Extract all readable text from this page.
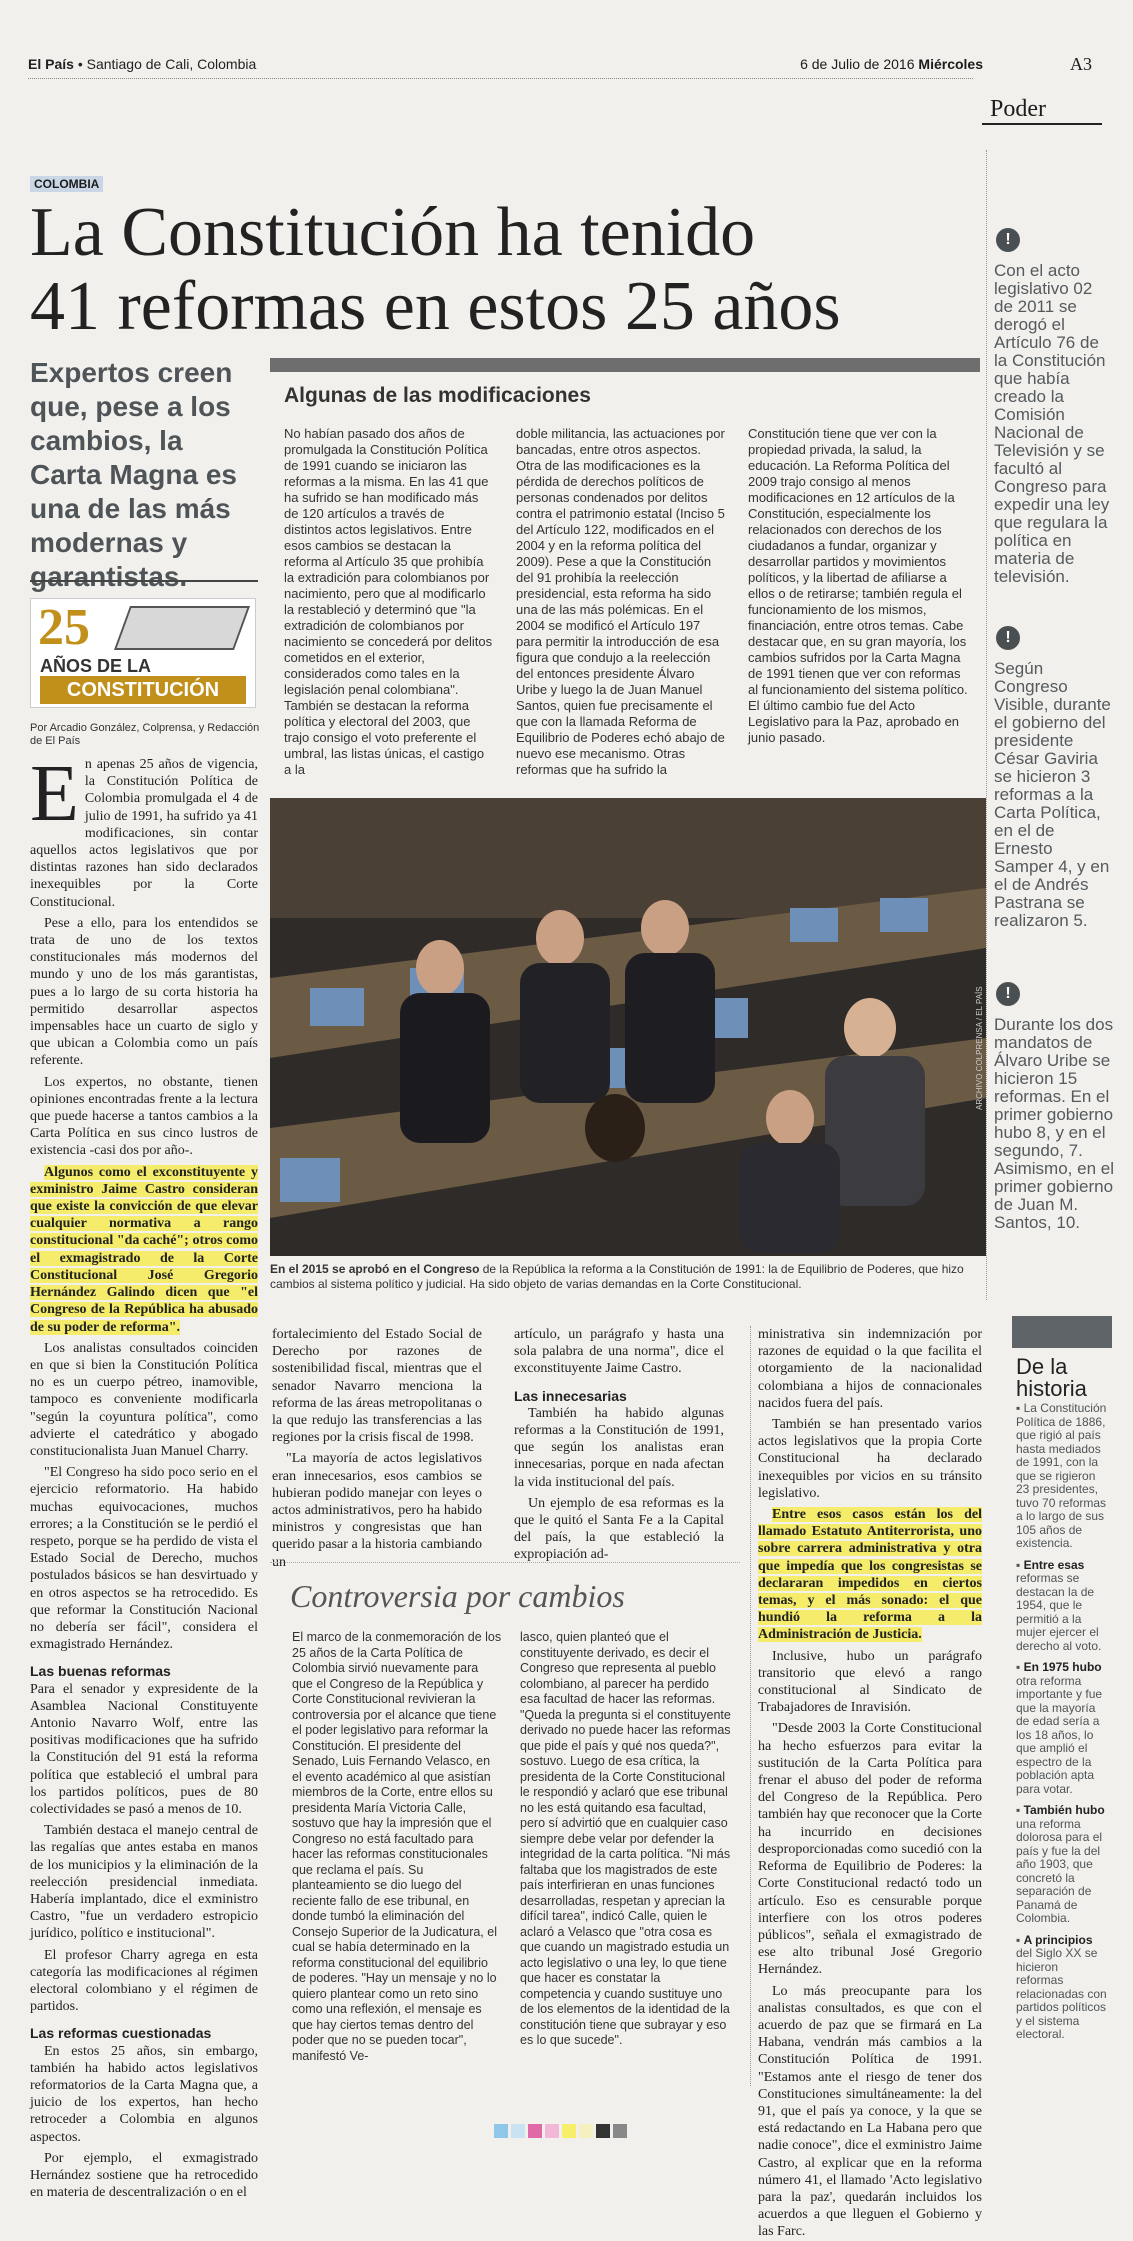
El País • Santiago de Cali, Colombia	6 de Julio de 2016 Miércoles	A3
Poder
COLOMBIA
La Constitución ha tenido
41 reformas en estos 25 años
Expertos creen que, pese a los cambios, la Carta Magna es una de las más modernas y garantistas.
25
AÑOS DE LA
CONSTITUCIÓN
Por Arcadio González, Colprensa, y Redacción de El País

En apenas 25 años de vigencia, la Constitución Política de Colombia promulgada el 4 de julio de 1991, ha sufrido ya 41 modificaciones, sin contar aquellos actos legislativos que por distintas razones han sido declarados inexequibles por la Corte Constitucional.

Pese a ello, para los entendidos se trata de uno de los textos constitucionales más modernos del mundo y uno de los más garantistas, pues a lo largo de su corta historia ha permitido desarrollar aspectos impensables hace un cuarto de siglo y que ubican a Colombia como un país referente.

Los expertos, no obstante, tienen opiniones encontradas frente a la lectura que puede hacerse a tantos cambios a la Carta Política en sus cinco lustros de existencia -casi dos por año-.

Algunos como el exconstituyente y exministro Jaime Castro consideran que existe la convicción de que elevar cualquier normativa a rango constitucional "da caché"; otros como el exmagistrado de la Corte Constitucional José Gregorio Hernández Galindo dicen que "el Congreso de la República ha abusado de su poder de reforma".

Los analistas consultados coinciden en que si bien la Constitución Política no es un cuerpo pétreo, inamovible, tampoco es conveniente modificarla "según la coyuntura política", como advierte el catedrático y abogado constitucionalista Juan Manuel Charry.

"El Congreso ha sido poco serio en el ejercicio reformatorio. Ha habido muchas equivocaciones, muchos errores; a la Constitución se le perdió el respeto, porque se ha perdido de vista el Estado Social de Derecho, muchos postulados básicos se han desvirtuado y en otros aspectos se ha retrocedido. Es que reformar la Constitución Nacional no debería ser fácil", considera el exmagistrado Hernández.

Las buenas reformas

Para el senador y expresidente de la Asamblea Nacional Constituyente Antonio Navarro Wolf, entre las positivas modificaciones que ha sufrido la Constitución del 91 está la reforma política que estableció el umbral para los partidos políticos, pues de 80 colectividades se pasó a menos de 10.

También destaca el manejo central de las regalías que antes estaba en manos de los municipios y la eliminación de la reelección presidencial inmediata. Habería implantado, dice el exministro Castro, "fue un verdadero estropicio jurídico, político e institucional".

El profesor Charry agrega en esta categoría las modificaciones al régimen electoral colombiano y el régimen de partidos.

Las reformas cuestionadas

En estos 25 años, sin embargo, también ha habido actos legislativos reformatorios de la Carta Magna que, a juicio de los expertos, han hecho retroceder a Colombia en algunos aspectos.

Por ejemplo, el exmagistrado Hernández sostiene que ha retrocedido en materia de descentralización o en el

Algunas de las modificaciones
No habían pasado dos años de promulgada la Constitución Política de 1991 cuando se iniciaron las reformas a la misma. En las 41 que ha sufrido se han modificado más de 120 artículos a través de distintos actos legislativos. Entre esos cambios se destacan la reforma al Artículo 35 que prohibía la extradición para colombianos por nacimiento, pero que al modificarlo la restableció y determinó que "la extradición de colombianos por nacimiento se concederá por delitos cometidos en el exterior, considerados como tales en la legislación penal colombiana". También se destacan la reforma política y electoral del 2003, que trajo consigo el voto preferente el umbral, las listas únicas, el castigo a la
doble militancia, las actuaciones por bancadas, entre otros aspectos. Otra de las modificaciones es la pérdida de derechos políticos de personas condenados por delitos contra el patrimonio estatal (Inciso 5 del Artículo 122, modificados en el 2004 y en la reforma política del 2009). Pese a que la Constitución del 91 prohibía la reelección presidencial, esta reforma ha sido una de las más polémicas. En el 2004 se modificó el Artículo 197 para permitir la introducción de esa figura que condujo a la reelección del entonces presidente Álvaro Uribe y luego la de Juan Manuel Santos, quien fue precisamente el que con la llamada Reforma de Equilibrio de Poderes echó abajo de nuevo ese mecanismo. Otras reformas que ha sufrido la
Constitución tiene que ver con la propiedad privada, la salud, la educación. La Reforma Política del 2009 trajo consigo al menos modificaciones en 12 artículos de la Constitución, especialmente los relacionados con derechos de los ciudadanos a fundar, organizar y desarrollar partidos y movimientos políticos, y la libertad de afiliarse a ellos o de retirarse; también regula el funcionamiento de los mismos, financiación, entre otros temas. Cabe destacar que, en su gran mayoría, los cambios sufridos por la Carta Magna de 1991 tienen que ver con reformas al funcionamiento del sistema político. El último cambio fue del Acto Legislativo para la Paz, aprobado en junio pasado.
En el 2015 se aprobó en el Congreso de la República la reforma a la Constitución de 1991: la de Equilibrio de Poderes, que hizo cambios al sistema político y judicial. Ha sido objeto de varias demandas en la Corte Constitucional.
ARCHIVO COLPRENSA / EL PAÍS

fortalecimiento del Estado Social de Derecho por razones de sostenibilidad fiscal, mientras que el senador Navarro menciona la reforma de las áreas metropolitanas o la que redujo las transferencias a las regiones por la crisis fiscal de 1998.

"La mayoría de actos legislativos eran innecesarios, esos cambios se hubieran podido manejar con leyes o actos administrativos, pero ha habido ministros y congresistas que han querido pasar a la historia cambiando un

artículo, un parágrafo y hasta una sola palabra de una norma", dice el exconstituyente Jaime Castro.

Las innecesarias

También ha habido algunas reformas a la Constitución de 1991, que según los analistas eran innecesarias, porque en nada afectan la vida institucional del país.

Un ejemplo de esa reformas es la que le quitó el Santa Fe a la Capital del país, la que estableció la expropiación ad-

ministrativa sin indemnización por razones de equidad o la que facilita el otorgamiento de la nacionalidad colombiana a hijos de connacionales nacidos fuera del país.

También se han presentado varios actos legislativos que la propia Corte Constitucional ha declarado inexequibles por vicios en su tránsito legislativo.

Entre esos casos están los del llamado Estatuto Antiterrorista, uno sobre carrera administrativa y otra que impedía que los congresistas se declararan impedidos en ciertos temas, y el más sonado: el que hundió la reforma a la Administración de Justicia.

Inclusive, hubo un parágrafo transitorio que elevó a rango constitucional al Sindicato de Trabajadores de Inravisión.

"Desde 2003 la Corte Constitucional ha hecho esfuerzos para evitar la sustitución de la Carta Política para frenar el abuso del poder de reforma del Congreso de la República. Pero también hay que reconocer que la Corte ha incurrido en decisiones desproporcionadas como sucedió con la Reforma de Equilibrio de Poderes: la Corte Constitucional redactó todo un artículo. Eso es censurable porque interfiere con los otros poderes públicos", señala el exmagistrado de ese alto tribunal José Gregorio Hernández.

Lo más preocupante para los analistas consultados, es que con el acuerdo de paz que se firmará en La Habana, vendrán más cambios a la Constitución Política de 1991. "Estamos ante el riesgo de tener dos Constituciones simultáneamente: la del 91, que el país ya conoce, y la que se está redactando en La Habana pero que nadie conoce", dice el exministro Jaime Castro, al explicar que en la reforma número 41, el llamado 'Acto legislativo para la paz', quedarán incluidos los acuerdos a que lleguen el Gobierno y las Farc.

Controversia por cambios
El marco de la conmemoración de los 25 años de la Carta Política de Colombia sirvió nuevamente para que el Congreso de la República y Corte Constitucional revivieran la controversia por el alcance que tiene el poder legislativo para reformar la Constitución. El presidente del Senado, Luis Fernando Velasco, en el evento académico al que asistían miembros de la Corte, entre ellos su presidenta María Victoria Calle, sostuvo que hay la impresión que el Congreso no está facultado para hacer las reformas constitucionales que reclama el país. Su planteamiento se dio luego del reciente fallo de ese tribunal, en donde tumbó la eliminación del Consejo Superior de la Judicatura, el cual se había determinado en la reforma constitucional del equilibrio de poderes. "Hay un mensaje y no lo quiero plantear como un reto sino como una reflexión, el mensaje es que hay ciertos temas dentro del poder que no se pueden tocar", manifestó Ve-
lasco, quien planteó que el constituyente derivado, es decir el Congreso que representa al pueblo colombiano, al parecer ha perdido esa facultad de hacer las reformas. "Queda la pregunta si el constituyente derivado no puede hacer las reformas que pide el país y qué nos queda?", sostuvo. Luego de esa crítica, la presidenta de la Corte Constitucional le respondió y aclaró que ese tribunal no les está quitando esa facultad, pero sí advirtió que en cualquier caso siempre debe velar por defender la integridad de la carta política. "Ni más faltaba que los magistrados de este país interfirieran en unas funciones desarrolladas, respetan y aprecian la difícil tarea", indicó Calle, quien le aclaró a Velasco que "otra cosa es que cuando un magistrado estudia un acto legislativo o una ley, lo que tiene que hacer es constatar la competencia y cuando sustituye uno de los elementos de la identidad de la constitución tiene que subrayar y eso es lo que sucede".
!
Con el acto legislativo 02 de 2011 se derogó el Artículo 76 de la Constitución que había creado la Comisión Nacional de Televisión y se facultó al Congreso para expedir una ley que regulara la política en materia de televisión.
!
Según Congreso Visible, durante el gobierno del presidente César Gaviria se hicieron 3 reformas a la Carta Política, en el de Ernesto Samper 4, y en el de Andrés Pastrana se realizaron 5.
!
Durante los dos mandatos de Álvaro Uribe se hicieron 15 reformas. En el primer gobierno hubo 8, y en el segundo, 7. Asimismo, en el primer gobierno de Juan M. Santos, 10.
De la historia

▪ La Constitución Política de 1886, que rigió al país hasta mediados de 1991, con la que se rigieron 23 presidentes, tuvo 70 reformas a lo largo de sus 105 años de existencia.

▪ Entre esas reformas se destacan la de 1954, que le permitió a la mujer ejercer el derecho al voto.

▪ En 1975 hubo otra reforma importante y fue que la mayoría de edad sería a los 18 años, lo que amplió el espectro de la población apta para votar.

▪ También hubo una reforma dolorosa para el país y fue la del año 1903, que concretó la separación de Panamá de Colombia.

▪ A principios del Siglo XX se hicieron reformas relacionadas con partidos políticos y el sistema electoral.
